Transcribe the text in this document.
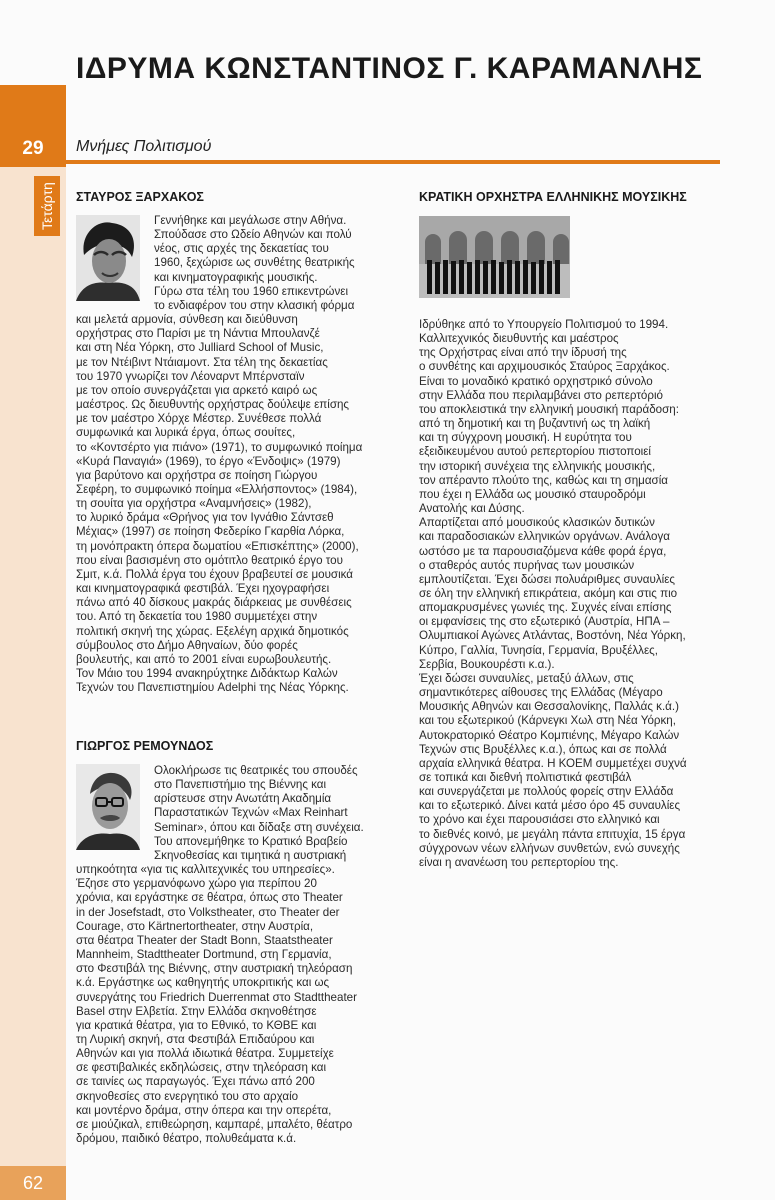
29
ΙΔΡΥΜΑ ΚΩΝΣΤΑΝΤΙΝΟΣ Γ. ΚΑΡΑΜΑΝΛΗΣ
Μνήμες Πολιτισμού
Τετάρτη
62
ΣΤΑΥΡΟΣ ΞΑΡΧΑΚΟΣ
Γεννήθηκε και μεγάλωσε στην Αθήνα.
Σπούδασε στο Ωδείο Αθηνών και πολύ
νέος, στις αρχές της δεκαετίας του
1960, ξεχώρισε ως συνθέτης θεατρικής
και κινηματογραφικής μουσικής.
Γύρω στα τέλη του 1960 επικεντρώνει
το ενδιαφέρον του στην κλασική φόρμα
και μελετά αρμονία, σύνθεση και διεύθυνση
ορχήστρας στο Παρίσι με τη Νάντια Μπουλανζέ
και στη Νέα Υόρκη, στο Julliard School of Music,
με τον Ντέιβιντ Ντάιαμοντ. Στα τέλη της δεκαετίας
του 1970 γνωρίζει τον Λέοναρντ Μπέρνσταϊν
με τον οποίο συνεργάζεται για αρκετό καιρό ως
μαέστρος. Ως διευθυντής ορχήστρας δούλεψε επίσης
με τον μαέστρο Χόρχε Μέστερ. Συνέθεσε πολλά
συμφωνικά και λυρικά έργα, όπως σουίτες,
το «Κοντσέρτο για πιάνο» (1971), το συμφωνικό ποίημα
«Κυρά Παναγιά» (1969), το έργο «Ένδοψις» (1979)
για βαρύτονο και ορχήστρα σε ποίηση Γιώργου
Σεφέρη, το συμφωνικό ποίημα «Ελλήσποντος» (1984),
τη σουίτα για ορχήστρα «Αναμνήσεις» (1982),
το λυρικό δράμα «Θρήνος για τον Ιγνάθιο Σάντσεθ
Μέχιας» (1997) σε ποίηση Φεδερίκο Γκαρθία Λόρκα,
τη μονόπρακτη όπερα δωματίου «Επισκέπτης» (2000),
που είναι βασισμένη στο ομότιτλο θεατρικό έργο του
Σμιτ, κ.ά. Πολλά έργα του έχουν βραβευτεί σε μουσικά
και κινηματογραφικά φεστιβάλ. Έχει ηχογραφήσει
πάνω από 40 δίσκους μακράς διάρκειας με συνθέσεις
του. Από τη δεκαετία του 1980 συμμετέχει στην
πολιτική σκηνή της χώρας. Εξελέγη αρχικά δημοτικός
σύμβουλος στο Δήμο Αθηναίων, δύο φορές
βουλευτής, και από το 2001 είναι ευρωβουλευτής.
Τον Μάιο του 1994 ανακηρύχτηκε Διδάκτωρ Καλών
Τεχνών του Πανεπιστημίου Adelphi της Νέας Υόρκης.
ΓΙΩΡΓΟΣ ΡΕΜΟΥΝΔΟΣ
Ολοκλήρωσε τις θεατρικές του σπουδές
στο Πανεπιστήμιο της Βιέννης και
αρίστευσε στην Ανωτάτη Ακαδημία
Παραστατικών Τεχνών «Max Reinhart
Seminar», όπου και δίδαξε στη συνέχεια.
Του απονεμήθηκε το Κρατικό Βραβείο
Σκηνοθεσίας και τιμητικά η αυστριακή
υπηκοότητα «για τις καλλιτεχνικές του υπηρεσίες».
Έζησε στο γερμανόφωνο χώρο για περίπου 20
χρόνια, και εργάστηκε σε θέατρα, όπως στο Theater
in der Josefstadt, στο Volkstheater, στο Theater der
Courage, στο Kärtnertortheater, στην Αυστρία,
στα θέατρα Theater der Stadt Bonn, Staatstheater
Mannheim, Stadttheater Dortmund, στη Γερμανία,
στο Φεστιβάλ της Βιέννης, στην αυστριακή τηλεόραση
κ.ά. Εργάστηκε ως καθηγητής υποκριτικής και ως
συνεργάτης του Friedrich Duerrenmat στο Stadttheater
Basel στην Ελβετία. Στην Ελλάδα σκηνοθέτησε
για κρατικά θέατρα, για το Εθνικό, το ΚΘΒΕ και
τη Λυρική σκηνή, στα Φεστιβάλ Επιδαύρου και
Αθηνών και για πολλά ιδιωτικά θέατρα. Συμμετείχε
σε φεστιβαλικές εκδηλώσεις, στην τηλεόραση και
σε ταινίες ως παραγωγός. Έχει πάνω από 200
σκηνοθεσίες στο ενεργητικό του στο αρχαίο
και μοντέρνο δράμα, στην όπερα και την οπερέτα,
σε μιούζικαλ, επιθεώρηση, καμπαρέ, μπαλέτο, θέατρο
δρόμου, παιδικό θέατρο, πολυθεάματα κ.ά.
ΚΡΑΤΙΚΗ ΟΡΧΗΣΤΡΑ ΕΛΛΗΝΙΚΗΣ ΜΟΥΣΙΚΗΣ
Ιδρύθηκε από το Υπουργείο Πολιτισμού το 1994.
Καλλιτεχνικός διευθυντής και μαέστρος
της Ορχήστρας είναι από την ίδρυσή της
ο συνθέτης και αρχιμουσικός Σταύρος Ξαρχάκος.
Είναι το μοναδικό κρατικό ορχηστρικό σύνολο
στην Ελλάδα που περιλαμβάνει στο ρεπερτόριό
του αποκλειστικά την ελληνική μουσική παράδοση:
από τη δημοτική και τη βυζαντινή ως τη λαϊκή
και τη σύγχρονη μουσική. Η ευρύτητα του
εξειδικευμένου αυτού ρεπερτορίου πιστοποιεί
την ιστορική συνέχεια της ελληνικής μουσικής,
τον απέραντο πλούτο της, καθώς και τη σημασία
που έχει η Ελλάδα ως μουσικό σταυροδρόμι
Ανατολής και Δύσης.
Απαρτίζεται από μουσικούς κλασικών δυτικών
και παραδοσιακών ελληνικών οργάνων. Ανάλογα
ωστόσο με τα παρουσιαζόμενα κάθε φορά έργα,
ο σταθερός αυτός πυρήνας των μουσικών
εμπλουτίζεται. Έχει δώσει πολυάριθμες συναυλίες
σε όλη την ελληνική επικράτεια, ακόμη και στις πιο
απομακρυσμένες γωνιές της. Συχνές είναι επίσης
οι εμφανίσεις της στο εξωτερικό (Αυστρία, ΗΠΑ –
Ολυμπιακοί Αγώνες Ατλάντας, Βοστόνη, Νέα Υόρκη,
Κύπρο, Γαλλία, Τυνησία, Γερμανία, Βρυξέλλες,
Σερβία, Βουκουρέστι κ.α.).
Έχει δώσει συναυλίες, μεταξύ άλλων, στις
σημαντικότερες αίθουσες της Ελλάδας (Μέγαρο
Μουσικής Αθηνών και Θεσσαλονίκης, Παλλάς κ.ά.)
και του εξωτερικού (Κάρνεγκι Χωλ στη Νέα Υόρκη,
Αυτοκρατορικό Θέατρο Κομπιένης, Μέγαρο Καλών
Τεχνών στις Βρυξέλλες κ.α.), όπως και σε πολλά
αρχαία ελληνικά θέατρα. Η ΚΟΕΜ συμμετέχει συχνά
σε τοπικά και διεθνή πολιτιστικά φεστιβάλ
και συνεργάζεται με πολλούς φορείς στην Ελλάδα
και το εξωτερικό. Δίνει κατά μέσο όρο 45 συναυλίες
το χρόνο και έχει παρουσιάσει στο ελληνικό και
το διεθνές κοινό, με μεγάλη πάντα επιτυχία, 15 έργα
σύγχρονων νέων ελλήνων συνθετών, ενώ συνεχής
είναι η ανανέωση του ρεπερτορίου της.
